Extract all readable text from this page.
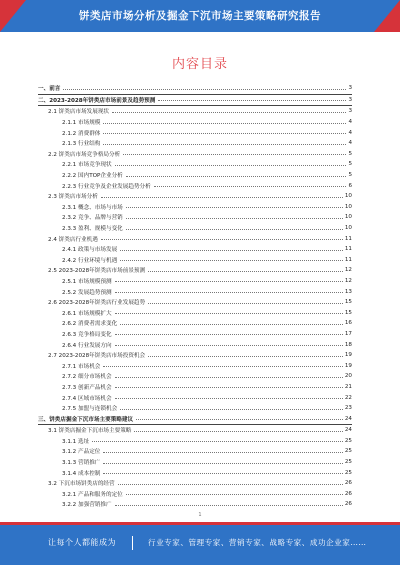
饼类店市场分析及掘金下沉市场主要策略研究报告
内容目录
一、前言	3
二、2023-2028年饼类店市场前景及趋势预测	3
2.1 饼类店市场发展现状	3
2.1.1 市场规模	4
2.1.2 消费群体	4
2.1.3 行业结构	4
2.2 饼类店市场竞争格局分析	5
2.2.1 市场竞争现状	5
2.2.2 国内TOP企业分析	5
2.2.3 行业竞争及企业发展趋势分析	6
2.3 饼类店市场分析	10
2.3.1 概念、市场与市场	10
2.3.2 竞争、品牌与营销	10
2.3.3 盈利、规模与变化	10
2.4 饼类店行业机遇	11
2.4.1 政策与市场发展	11
2.4.2 行业环境与机遇	11
2.5 2023-2028年饼类店市场前景预测	12
2.5.1 市场规模预测	12
2.5.2 发展趋势预测	13
2.6 2023-2028年饼类店行业发展趋势	15
2.6.1 市场规模扩大	15
2.6.2 消费者需求变化	16
2.6.3 竞争格局变化	17
2.6.4 行业发展方向	18
2.7 2023-2028年饼类店市场投资机会	19
2.7.1 市场机会	19
2.7.2 细分市场机会	20
2.7.3 创新产品机会	21
2.7.4 区域市场机会	22
2.7.5 加盟与连锁机会	23
三、饼类店掘金下沉市场主要策略建议	24
3.1 饼类店掘金下沉市场主要策略	24
3.1.1 选址	25
3.1.2 产品定位	25
3.1.3 营销推广	25
3.1.4 成本控制	25
3.2 下沉市场饼类店的经营	26
3.2.1 产品和服务的定位	26
3.2.2 加强营销推广	26
1
让每个人都能成为	行业专家、管理专家、营销专家、战略专家、成功企业家……
